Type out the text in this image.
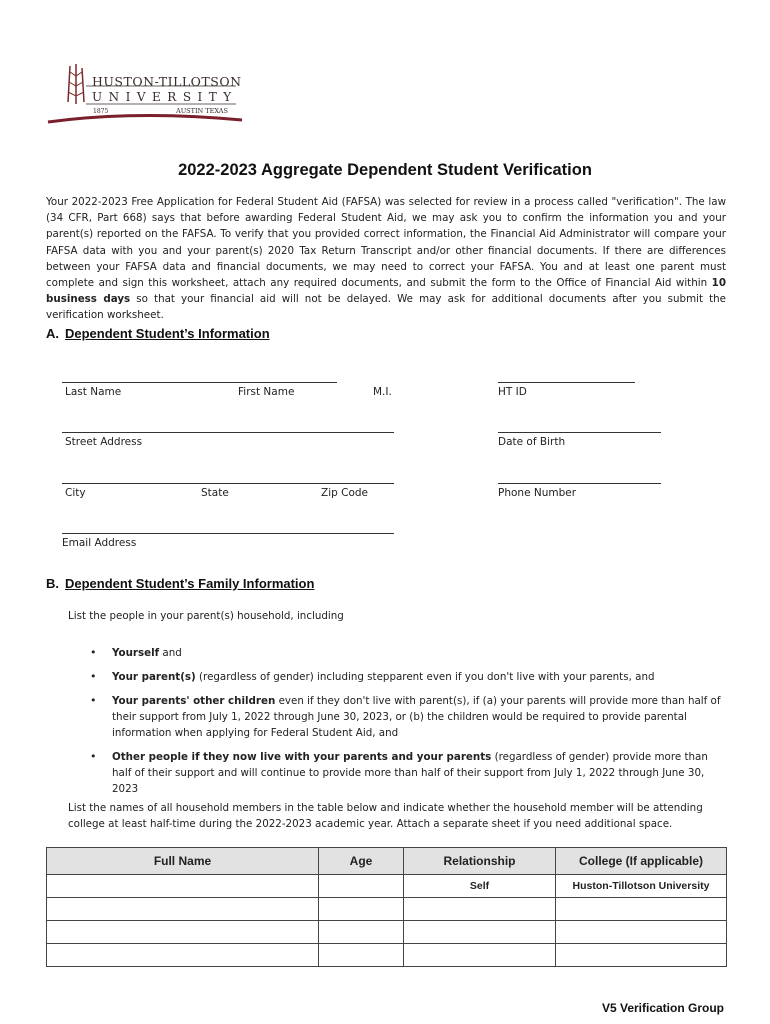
HUSTON-TILLOTSON
UNIVERSITY
1875	AUSTIN TEXAS
2022-2023 Aggregate Dependent Student Verification
Your 2022-2023 Free Application for Federal Student Aid (FAFSA) was selected for review in a process called "verification". The law (34 CFR, Part 668) says that before awarding Federal Student Aid, we may ask you to confirm the information you and your parent(s) reported on the FAFSA. To verify that you provided correct information, the Financial Aid Administrator will compare your FAFSA data with you and your parent(s) 2020 Tax Return Transcript and/or other financial documents. If there are differences between your FAFSA data and financial documents, we may need to correct your FAFSA. You and at least one parent must complete and sign this worksheet, attach any required documents, and submit the form to the Office of Financial Aid within 10 business days so that your financial aid will not be delayed. We may ask for additional documents after you submit the verification worksheet.
A. Dependent Student’s Information
Last Name	First Name	M.I.	HT ID
Street Address	Date of Birth
City	State	Zip Code	Phone Number
Email Address
B. Dependent Student’s Family Information
List the people in your parent(s) household, including
• Yourself and
• Your parent(s) (regardless of gender) including stepparent even if you don't live with your parents, and
• Your parents' other children even if they don't live with parent(s), if (a) your parents will provide more than half of their support from July 1, 2022 through June 30, 2023, or (b) the children would be required to provide parental information when applying for Federal Student Aid, and
• Other people if they now live with your parents and your parents (regardless of gender) provide more than half of their support and will continue to provide more than half of their support from July 1, 2022 through June 30, 2023
List the names of all household members in the table below and indicate whether the household member will be attending college at least half-time during the 2022-2023 academic year. Attach a separate sheet if you need additional space.
Full Name	Age	Relationship	College (If applicable)
		Self	Huston-Tillotson University

V5 Verification Group
